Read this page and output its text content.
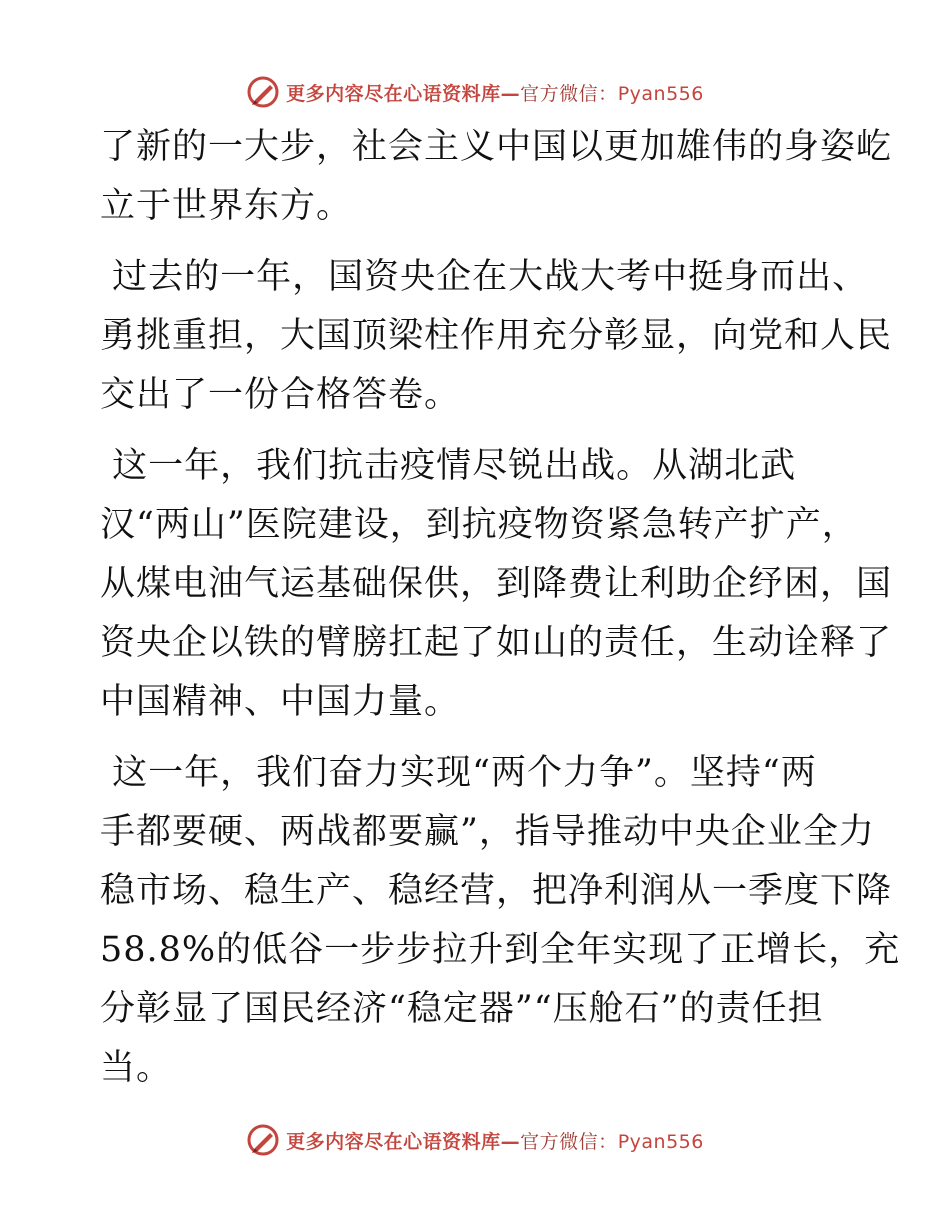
更多内容尽在心语资料库—官方微信：Pyan556
了新的一大步，社会主义中国以更加雄伟的身姿屹
立于世界东方。
过去的一年，国资央企在大战大考中挺身而出、
勇挑重担，大国顶梁柱作用充分彰显，向党和人民
交出了一份合格答卷。
这一年，我们抗击疫情尽锐出战。从湖北武
汉“两山”医院建设，到抗疫物资紧急转产扩产，
从煤电油气运基础保供，到降费让利助企纾困，国
资央企以铁的臂膀扛起了如山的责任，生动诠释了
中国精神、中国力量。
这一年，我们奋力实现“两个力争”。坚持“两
手都要硬、两战都要赢”，指导推动中央企业全力
稳市场、稳生产、稳经营，把净利润从一季度下降
58.8%的低谷一步步拉升到全年实现了正增长，充
分彰显了国民经济“稳定器”“压舱石”的责任担
当。
更多内容尽在心语资料库—官方微信：Pyan556
